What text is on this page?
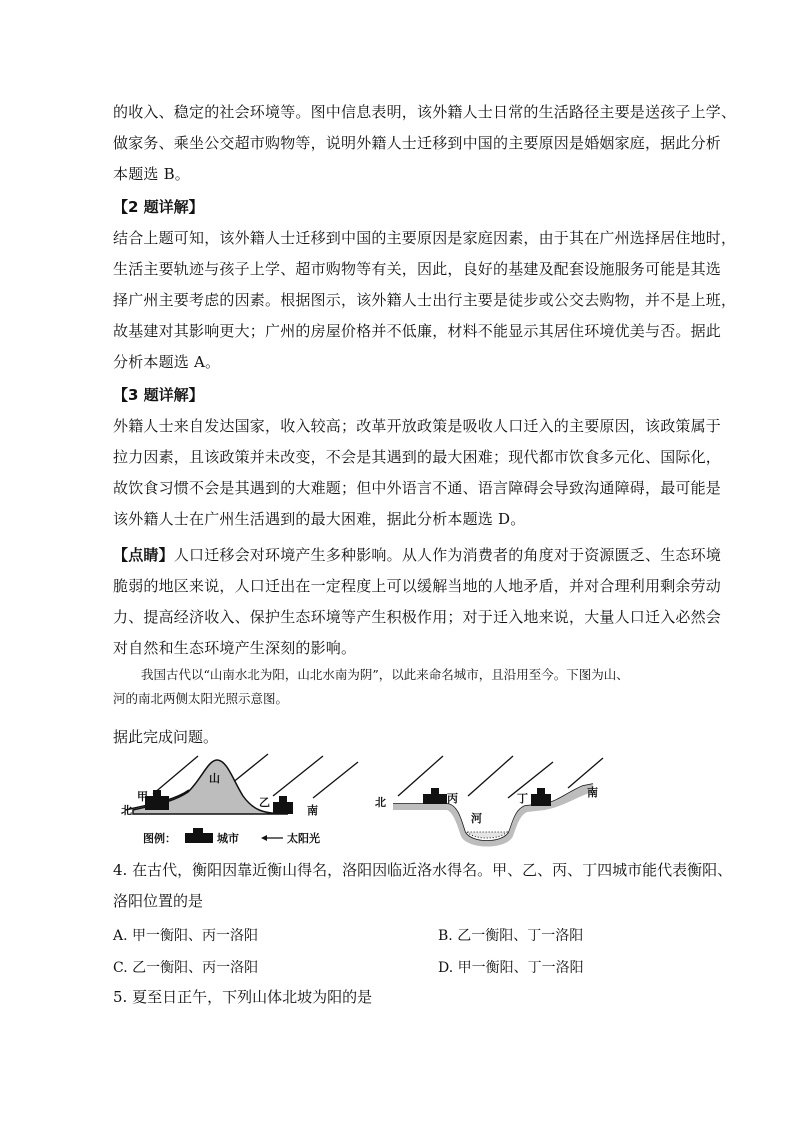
的收入、稳定的社会环境等。图中信息表明，该外籍人士日常的生活路径主要是送孩子上学、
做家务、乘坐公交超市购物等，说明外籍人士迁移到中国的主要原因是婚姻家庭，据此分析
本题选 B。

【2 题详解】

结合上题可知，该外籍人士迁移到中国的主要原因是家庭因素，由于其在广州选择居住地时，
生活主要轨迹与孩子上学、超市购物等有关，因此，良好的基建及配套设施服务可能是其选
择广州主要考虑的因素。根据图示，该外籍人士出行主要是徒步或公交去购物，并不是上班，
故基建对其影响更大；广州的房屋价格并不低廉，材料不能显示其居住环境优美与否。据此
分析本题选 A。

【3 题详解】

外籍人士来自发达国家，收入较高；改革开放政策是吸收人口迁入的主要原因，该政策属于
拉力因素，且该政策并未改变，不会是其遇到的最大困难；现代都市饮食多元化、国际化，
故饮食习惯不会是其遇到的大难题；但中外语言不通、语言障碍会导致沟通障碍，最可能是
该外籍人士在广州生活遇到的最大困难，据此分析本题选 D。

【点睛】人口迁移会对环境产生多种影响。从人作为消费者的角度对于资源匮乏、生态环境
脆弱的地区来说，人口迁出在一定程度上可以缓解当地的人地矛盾，并对合理利用剩余劳动
力、提高经济收入、保护生态环境等产生积极作用；对于迁入地来说，大量人口迁入必然会
对自然和生态环境产生深刻的影响。

我国古代以“山南水北为阳，山北水南为阴”，以此来命名城市，且沿用至今。下图为山、
河的南北两侧太阳光照示意图。
据此完成问题。
甲
北
山
乙
南
图例：	城市	太阳光
北	丙
河
丁	南
4. 在古代，衡阳因靠近衡山得名，洛阳因临近洛水得名。甲、乙、丙、丁四城市能代表衡阳、
洛阳位置的是
A. 甲一衡阳、丙一洛阳	B. 乙一衡阳、丁一洛阳
C. 乙一衡阳、丙一洛阳	D. 甲一衡阳、丁一洛阳
5. 夏至日正午，下列山体北坡为阳的是
